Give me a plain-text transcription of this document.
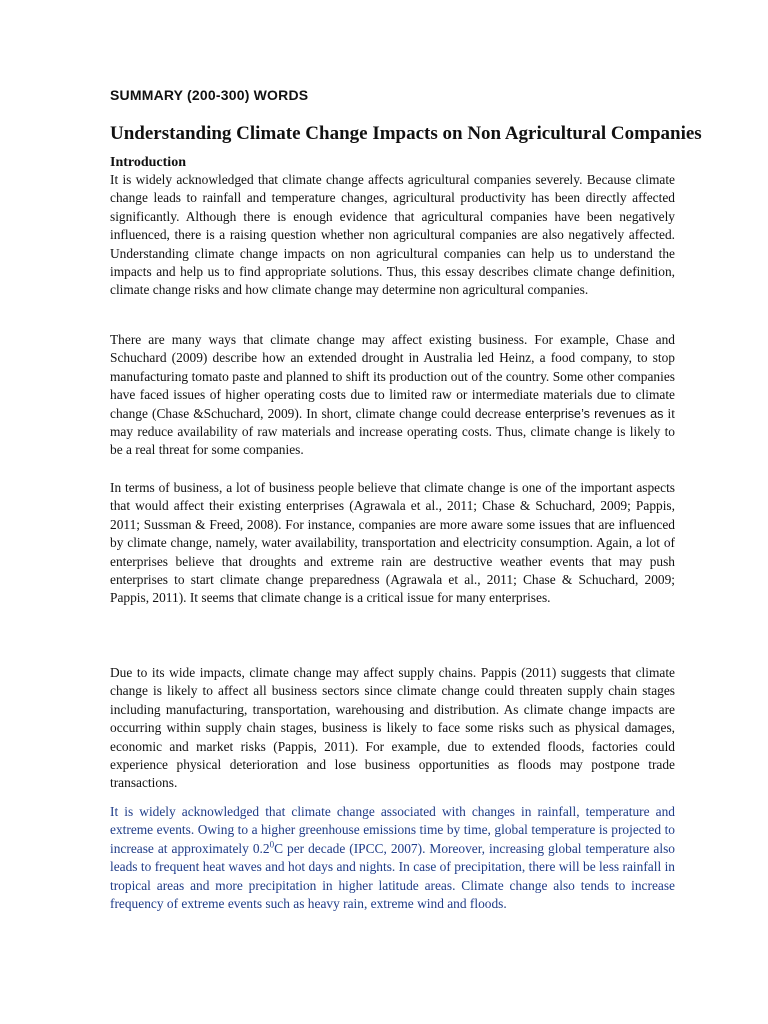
SUMMARY (200-300) WORDS
Understanding Climate Change Impacts on Non Agricultural Companies
Introduction

It is widely acknowledged that climate change affects agricultural companies severely. Because climate change leads to rainfall and temperature changes, agricultural productivity has been directly affected significantly. Although there is enough evidence that agricultural companies have been negatively influenced, there is a raising question whether non agricultural companies are also negatively affected. Understanding climate change impacts on non agricultural companies can help us to understand the impacts and help us to find appropriate solutions. Thus, this essay describes climate change definition, climate change risks and how climate change may determine non agricultural companies.

There are many ways that climate change may affect existing business. For example, Chase and Schuchard (2009) describe how an extended drought in Australia led Heinz, a food company, to stop manufacturing tomato paste and planned to shift its production out of the country. Some other companies have faced issues of higher operating costs due to limited raw or intermediate materials due to climate change (Chase &Schuchard, 2009). In short, climate change could decrease enterprise’s revenues as it may reduce availability of raw materials and increase operating costs. Thus, climate change is likely to be a real threat for some companies.

In terms of business, a lot of business people believe that climate change is one of the important aspects that would affect their existing enterprises (Agrawala et al., 2011; Chase & Schuchard, 2009; Pappis, 2011; Sussman & Freed, 2008). For instance, companies are more aware some issues that are influenced by climate change, namely, water availability, transportation and electricity consumption. Again, a lot of enterprises believe that droughts and extreme rain are destructive weather events that may push enterprises to start climate change preparedness (Agrawala et al., 2011; Chase & Schuchard, 2009; Pappis, 2011). It seems that climate change is a critical issue for many enterprises.

Due to its wide impacts, climate change may affect supply chains. Pappis (2011) suggests that climate change is likely to affect all business sectors since climate change could threaten supply chain stages including manufacturing, transportation, warehousing and distribution. As climate change impacts are occurring within supply chain stages, business is likely to face some risks such as physical damages, economic and market risks (Pappis, 2011). For example, due to extended floods, factories could experience physical deterioration and lose business opportunities as floods may postpone trade transactions.

It is widely acknowledged that climate change associated with changes in rainfall, temperature and extreme events. Owing to a higher greenhouse emissions time by time, global temperature is projected to increase at approximately $0.2^0C$ per decade (IPCC, 2007). Moreover, increasing global temperature also leads to frequent heat waves and hot days and nights. In case of precipitation, there will be less rainfall in tropical areas and more precipitation in higher latitude areas. Climate change also tends to increase frequency of extreme events such as heavy rain, extreme wind and floods.
